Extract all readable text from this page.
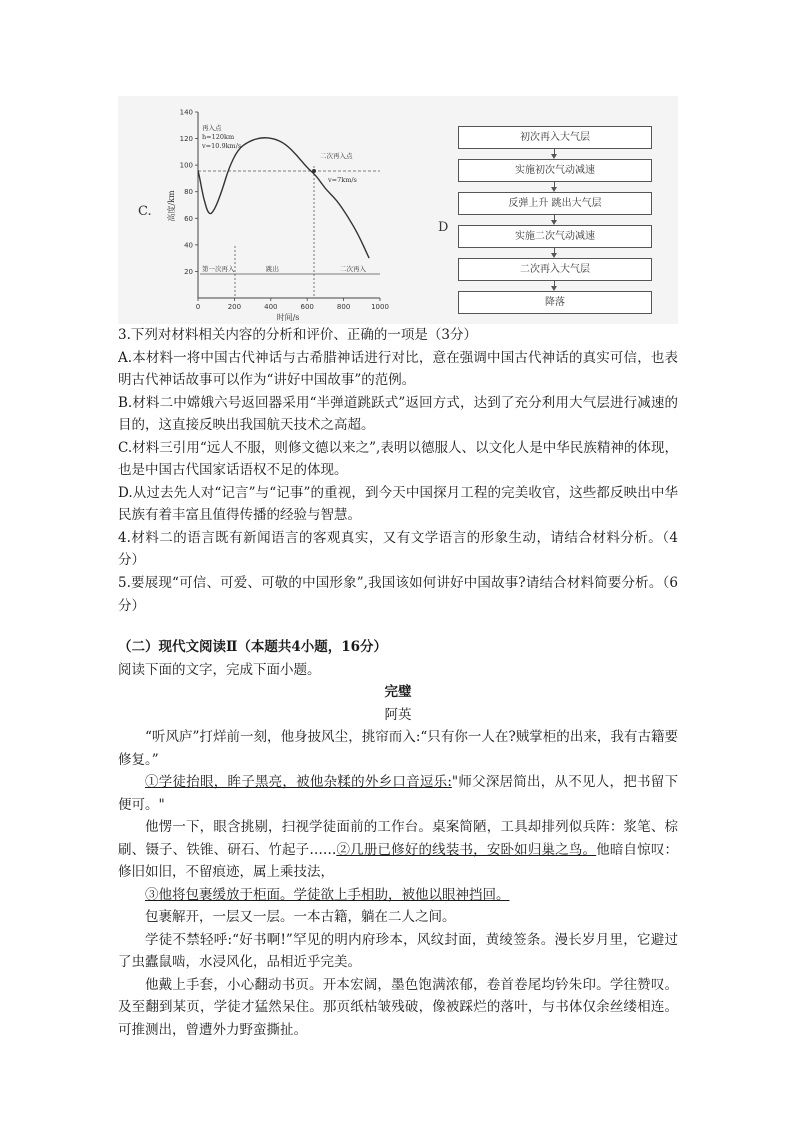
C.
D
20
40
60
80
100
120
140
0	200	400	600	800	1000
高度/km
时间/s
再入点
h=120km
v=10.9km/s
二次再入点
v=7km/s
第一次再入	跳出	二次再入
初次再入大气层
实施初次气动减速
反弹上升 跳出大气层
实施二次气动减速
二次再入大气层
降落

3.下列对材料相关内容的分析和评价、正确的一项是（3分）

A.本材料一将中国古代神话与古希腊神话进行对比，意在强调中国古代神话的真实可信，也表明古代神话故事可以作为“讲好中国故事”的范例。

B.材料二中嫦娥六号返回器采用“半弹道跳跃式”返回方式，达到了充分利用大气层进行减速的目的，这直接反映出我国航天技术之高超。

C.材料三引用“远人不服，则修文德以来之”,表明以德服人、以文化人是中华民族精神的体现，也是中国古代国家话语权不足的体现。

D.从过去先人对“记言”与“记事”的重视，到今天中国探月工程的完美收官，这些都反映出中华民族有着丰富且值得传播的经验与智慧。

4.材料二的语言既有新闻语言的客观真实，又有文学语言的形象生动，请结合材料分析。（4分）

5.要展现“可信、可爱、可敬的中国形象”,我国该如何讲好中国故事?请结合材料简要分析。（6分）

（二）现代文阅读Ⅱ（本题共4小题，16分）

阅读下面的文字，完成下面小题。

完璧

阿英

“听风庐”打烊前一刻，他身披风尘，挑帘而入:“只有你一人在?贼掌柜的出来，我有古籍要修复。”

①学徒抬眼，眸子黑亮，被他杂糅的外乡口音逗乐:"师父深居简出，从不见人，把书留下便可。"

他愣一下，眼含挑剔，扫视学徒面前的工作台。桌案简陋，工具却排列似兵阵：浆笔、棕刷、镊子、铁锥、研石、竹起子……②几册已修好的线装书，安卧如归巢之鸟。他暗自惊叹：修旧如旧，不留痕迹，属上乘技法，

③他将包裹缓放于柜面。学徒欲上手相助，被他以眼神挡回。

包裹解开，一层又一层。一本古籍，躺在二人之间。

学徒不禁轻呼:“好书啊!”罕见的明内府珍本，风纹封面，黄绫签条。漫长岁月里，它避过了虫蠹鼠啮，水浸风化，品相近乎完美。

他戴上手套，小心翻动书页。开本宏阔，墨色饱满浓郁，卷首卷尾均钤朱印。学往赞叹。及至翻到某页，学徒才猛然呆住。那页纸枯皱残破，像被踩烂的落叶，与书体仅余丝缕相连。可推测出，曾遭外力野蛮撕扯。
